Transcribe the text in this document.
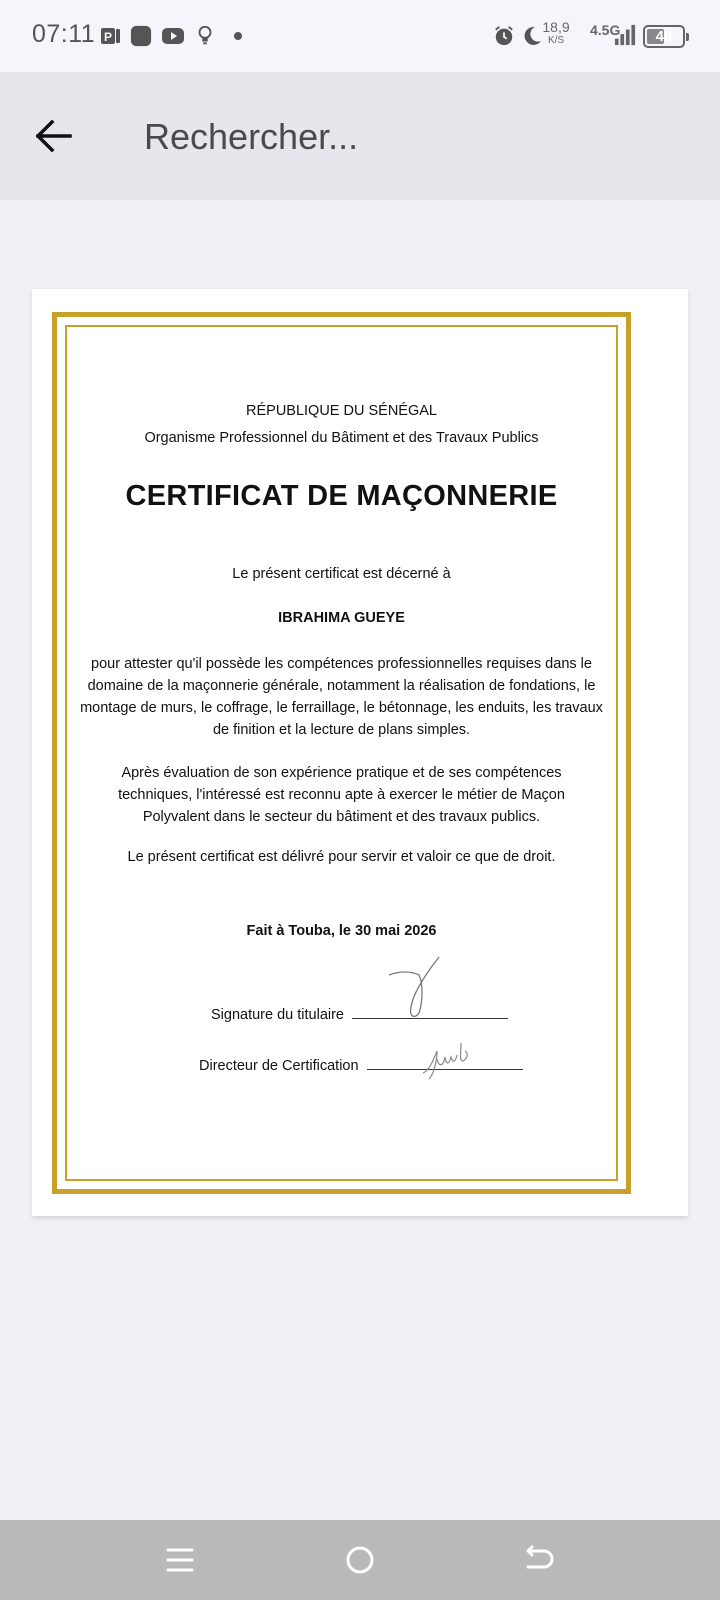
07:11 P
18,9
K/S
4.5G	49
Rechercher...
RÉPUBLIQUE DU SÉNÉGAL
Organisme Professionnel du Bâtiment et des Travaux Publics
CERTIFICAT DE MAÇONNERIE
Le présent certificat est décerné à
IBRAHIMA GUEYE
pour attester qu'il possède les compétences professionnelles requises dans le domaine de la maçonnerie générale, notamment la réalisation de fondations, le montage de murs, le coffrage, le ferraillage, le bétonnage, les enduits, les travaux de finition et la lecture de plans simples.
Après évaluation de son expérience pratique et de ses compétences techniques, l'intéressé est reconnu apte à exercer le métier de Maçon Polyvalent dans le secteur du bâtiment et des travaux publics.
Le présent certificat est délivré pour servir et valoir ce que de droit.
Fait à Touba, le 30 mai 2026
Signature du titulaire
Directeur de Certification
